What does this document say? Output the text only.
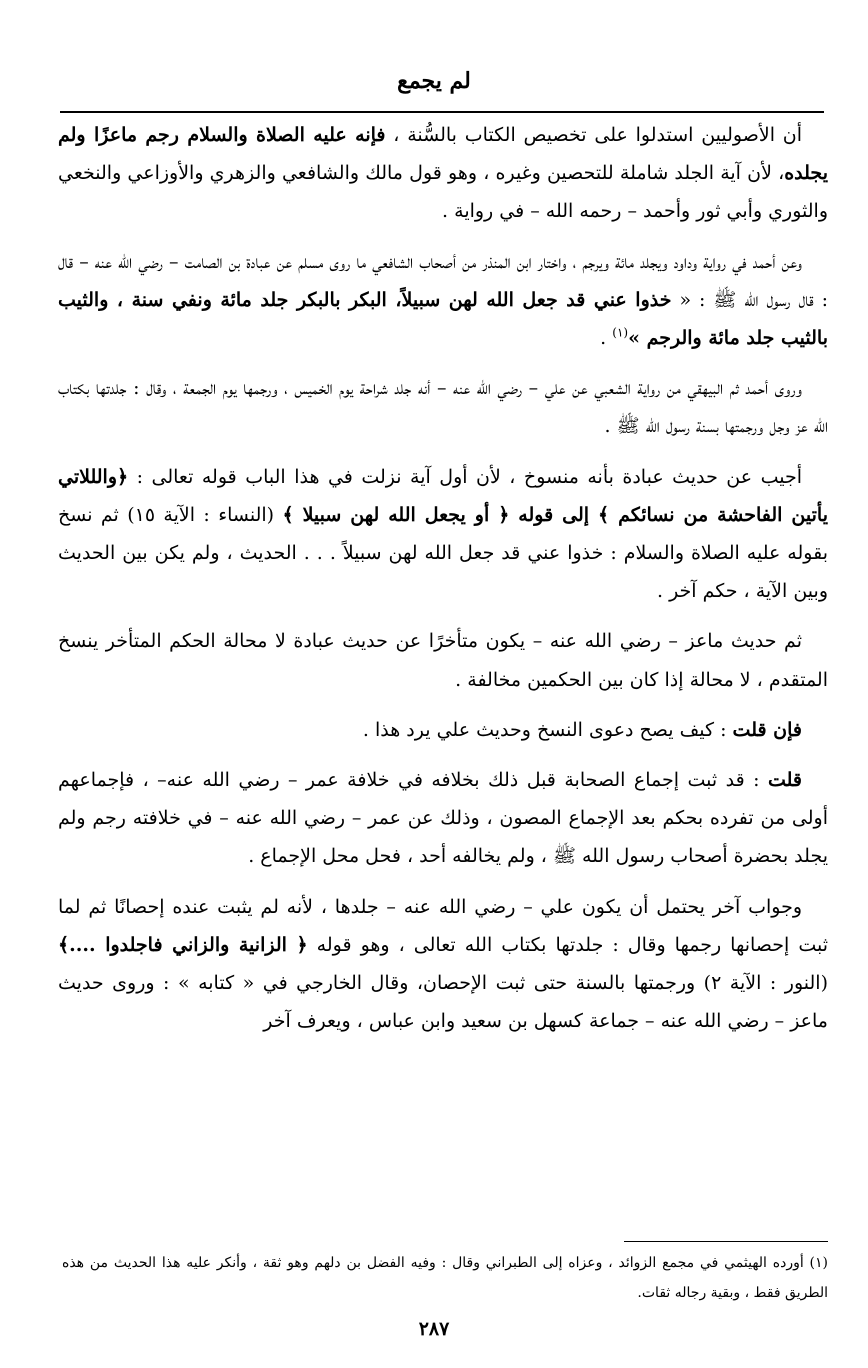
لم يجمع

أن الأصوليين استدلوا على تخصيص الكتاب بالسُّنة ، فإنه عليه الصلاة والسلام رجم ماعزًا ولم يجلده، لأن آية الجلد شاملة للتحصين وغيره ، وهو قول مالك والشافعي والزهري والأوزاعي والنخعي والثوري وأبي ثور وأحمد – رحمه الله – في رواية .

وعن أحمد في رواية وداود ويجلد مائة ويرجم ، واختار ابن المنذر من أصحاب الشافعي ما روى مسلم عن عبادة بن الصامت – رضي الله عنه – قال : قال رسول الله ﷺ : « خذوا عني قد جعل الله لهن سبيلاً، البكر بالبكر جلد مائة ونفي سنة ، والثيب بالثيب جلد مائة والرجم »$^{(١)}$ .

وروى أحمد ثم البيهقي من رواية الشعبي عن علي – رضي الله عنه – أنه جلد شراحة يوم الخميس ، ورجمها يوم الجمعة ، وقال : جلدتها بكتاب الله عز وجل ورجمتها بسنة رسول الله ﷺ .

أجيب عن حديث عبادة بأنه منسوخ ، لأن أول آية نزلت في هذا الباب قوله تعالى : ﴿والللاتي يأتين الفاحشة من نسائكم ﴾ إلى قوله ﴿ أو يجعل الله لهن سبيلا ﴾ (النساء : الآية ١٥) ثم نسخ بقوله عليه الصلاة والسلام : خذوا عني قد جعل الله لهن سبيلاً . . . الحديث ، ولم يكن بين الحديث وبين الآية ، حكم آخر .

ثم حديث ماعز – رضي الله عنه – يكون متأخرًا عن حديث عبادة لا محالة الحكم المتأخر ينسخ المتقدم ، لا محالة إذا كان بين الحكمين مخالفة .

فإن قلت : كيف يصح دعوى النسخ وحديث علي يرد هذا .

قلت : قد ثبت إجماع الصحابة قبل ذلك بخلافه في خلافة عمر – رضي الله عنه– ، فإجماعهم أولى من تفرده بحكم بعد الإجماع المصون ، وذلك عن عمر – رضي الله عنه – في خلافته رجم ولم يجلد بحضرة أصحاب رسول الله ﷺ ، ولم يخالفه أحد ، فحل محل الإجماع .

وجواب آخر يحتمل أن يكون علي – رضي الله عنه – جلدها ، لأنه لم يثبت عنده إحصانًا ثم لما ثبت إحصانها رجمها وقال : جلدتها بكتاب الله تعالى ، وهو قوله ﴿ الزانية والزاني فاجلدوا ....﴾ (النور : الآية ٢) ورجمتها بالسنة حتى ثبت الإحصان، وقال الخارجي في « كتابه » : وروى حديث ماعز – رضي الله عنه – جماعة كسهل بن سعيد وابن عباس ، ويعرف آخر

(١) أورده الهيثمي في مجمع الزوائد ، وعزاه إلى الطبراني وقال : وفيه الفضل بن دلهم وهو ثقة ، وأنكر عليه هذا الحديث من هذه الطريق فقط ، وبقية رجاله ثقات.

٢٨٧
